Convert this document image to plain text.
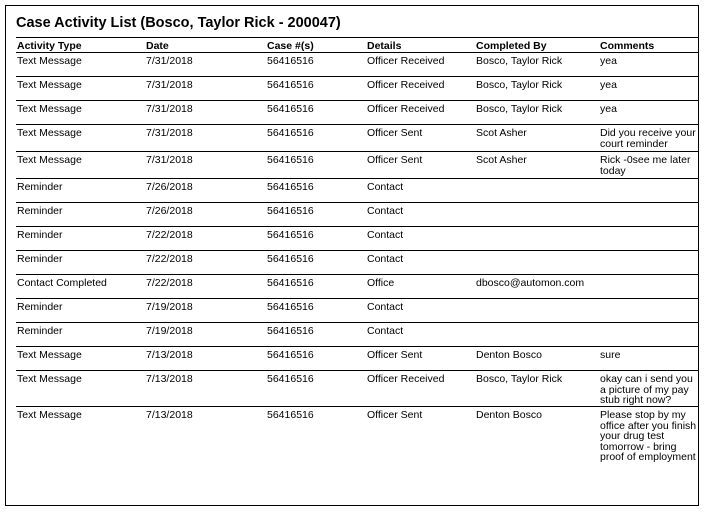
Case Activity List (Bosco, Taylor Rick - 200047)
Activity Type	Date	Case #(s)	Details	Completed By	Comments
Text Message	7/31/2018	56416516	Officer Received	Bosco, Taylor Rick	yea
Text Message	7/31/2018	56416516	Officer Received	Bosco, Taylor Rick	yea
Text Message	7/31/2018	56416516	Officer Received	Bosco, Taylor Rick	yea
Text Message	7/31/2018	56416516	Officer Sent	Scot Asher	Did you receive your court reminder
Text Message	7/31/2018	56416516	Officer Sent	Scot Asher	Rick -0see me later today
Reminder	7/26/2018	56416516	Contact		
Reminder	7/26/2018	56416516	Contact		
Reminder	7/22/2018	56416516	Contact		
Reminder	7/22/2018	56416516	Contact		
Contact Completed	7/22/2018	56416516	Office	dbosco@automon.com	
Reminder	7/19/2018	56416516	Contact		
Reminder	7/19/2018	56416516	Contact		
Text Message	7/13/2018	56416516	Officer Sent	Denton Bosco	sure
Text Message	7/13/2018	56416516	Officer Received	Bosco, Taylor Rick	okay can i send you a picture of my pay stub right now?
Text Message	7/13/2018	56416516	Officer Sent	Denton Bosco	Please stop by my office after you finish your drug test tomorrow - bring proof of employment
